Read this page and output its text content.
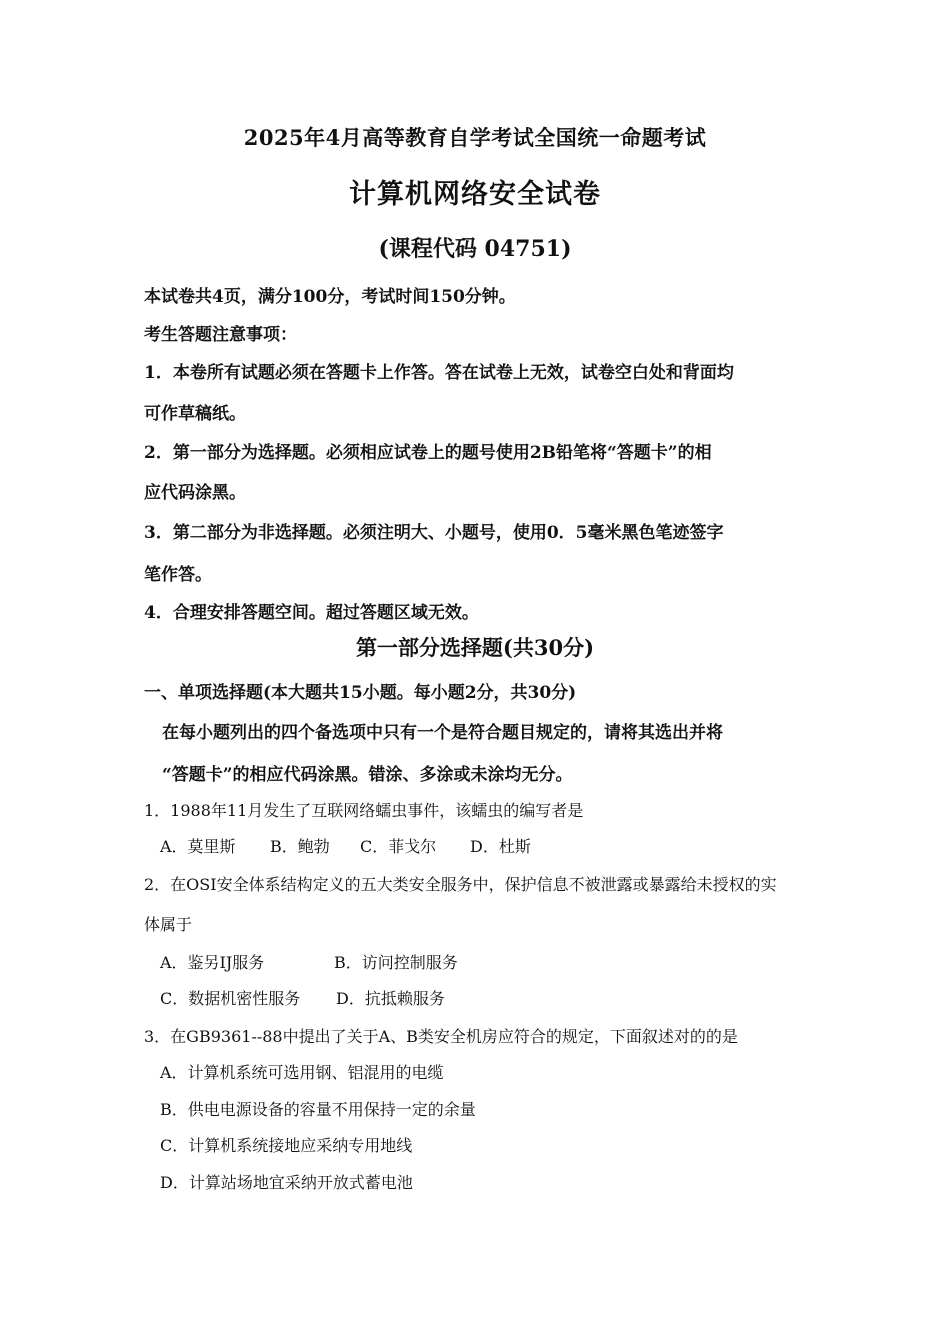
2025年4月高等教育自学考试全国统一命题考试
计算机网络安全试卷
(课程代码 04751)
本试卷共4页，满分100分，考试时间150分钟。
考生答题注意事项：
1．本卷所有试题必须在答题卡上作答。答在试卷上无效，试卷空白处和背面均
可作草稿纸。
2．第一部分为选择题。必须相应试卷上的题号使用2B铅笔将“答题卡”的相
应代码涂黑。
3．第二部分为非选择题。必须注明大、小题号，使用0．5毫米黑色笔迹签字
笔作答。
4．合理安排答题空间。超过答题区域无效。
第一部分选择题(共30分)
一、单项选择题(本大题共15小题。每小题2分，共30分)
在每小题列出的四个备选项中只有一个是符合题目规定的，请将其选出并将
“答题卡”的相应代码涂黑。错涂、多涂或未涂均无分。
1．1988年11月发生了互联网络蠕虫事件，该蠕虫的编写者是
A．莫里斯 B．鲍勃 C．菲戈尔 D．杜斯
2．在OSI安全体系结构定义的五大类安全服务中，保护信息不被泄露或暴露给未授权的实
体属于
A．鉴另IJ服务	B．访问控制服务
C．数据机密性服务 D．抗抵赖服务
3．在GB9361--88中提出了关于A、B类安全机房应符合的规定，下面叙述对的的是
A．计算机系统可选用钢、铝混用的电缆
B．供电电源设备的容量不用保持一定的余量
C．计算机系统接地应采纳专用地线
D．计算站场地宜采纳开放式蓄电池
